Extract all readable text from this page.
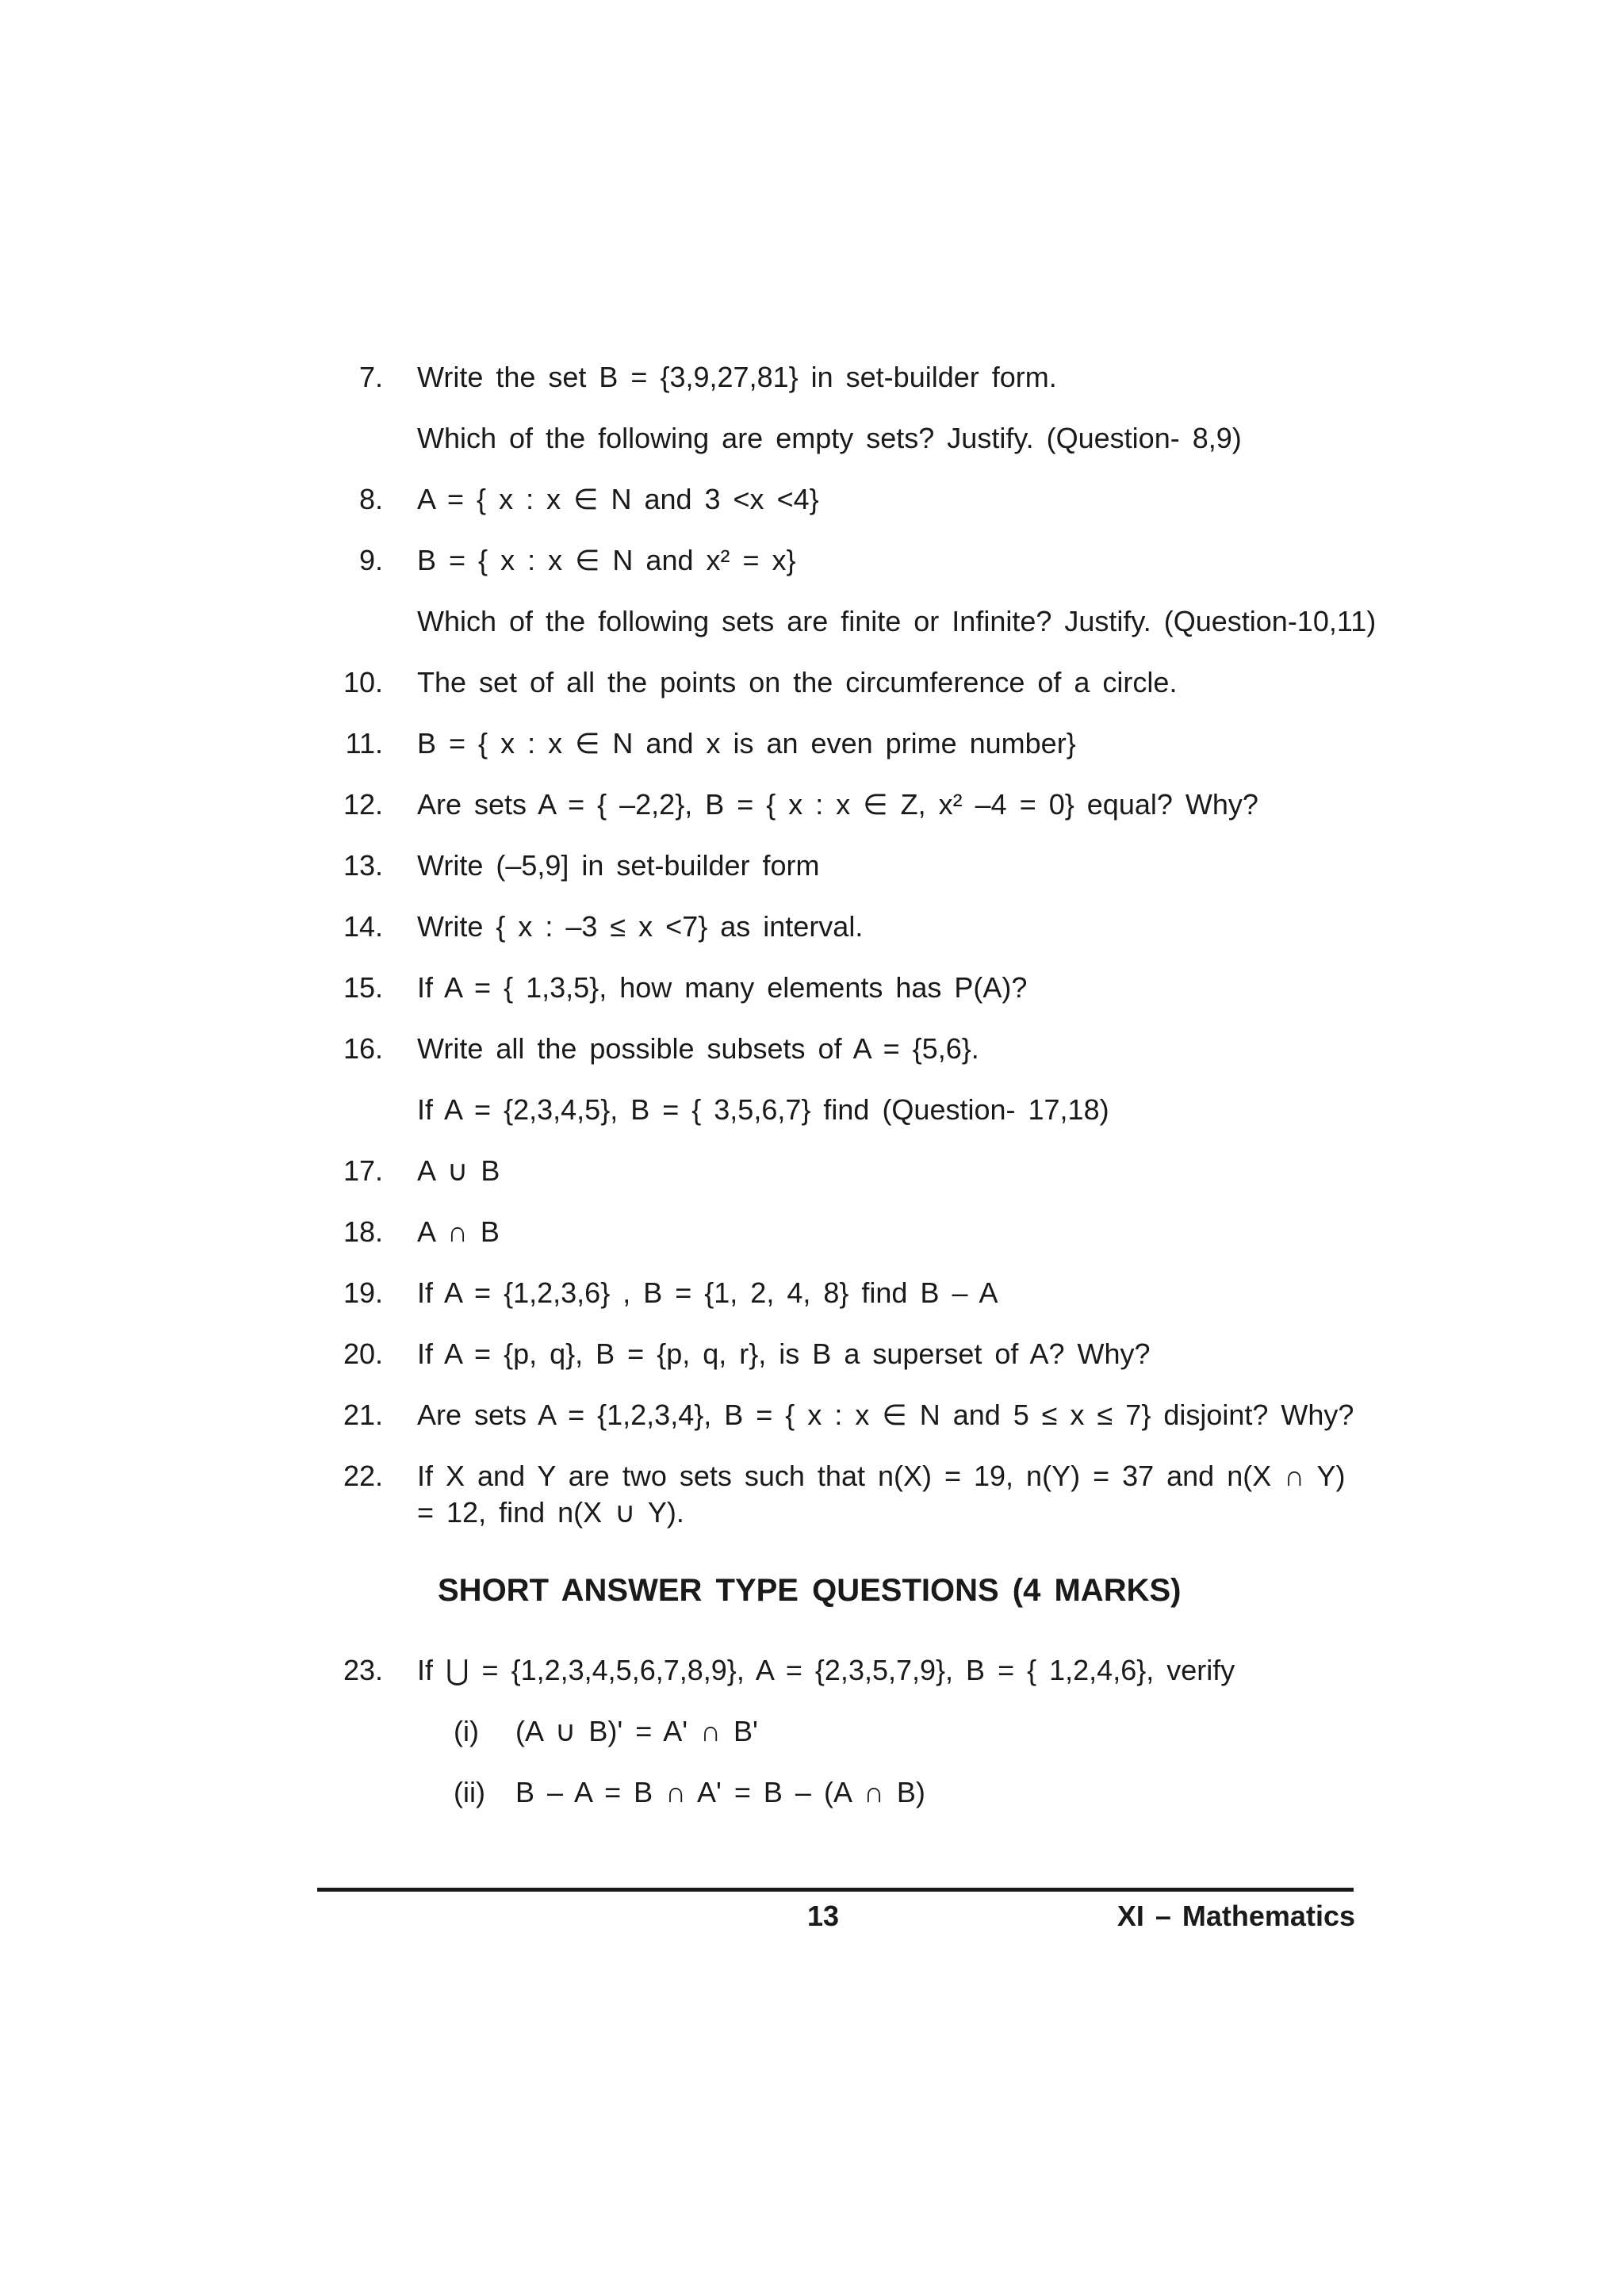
7. Write the set B = {3,9,27,81} in set-builder form.
Which of the following are empty sets? Justify. (Question- 8,9)
8. A = { x : x ∈ N and 3 <x <4}
9. B = { x : x ∈ N and x² = x}
Which of the following sets are finite or Infinite? Justify. (Question-10,11)
10. The set of all the points on the circumference of a circle.
11. B = { x : x ∈ N and x is an even prime number}
12. Are sets A = { –2,2}, B = { x : x ∈ Z, x² –4 = 0} equal? Why?
13. Write (–5,9] in set-builder form
14. Write { x : –3 ≤ x <7} as interval.
15. If A = { 1,3,5}, how many elements has P(A)?
16. Write all the possible subsets of A = {5,6}.
If A = {2,3,4,5}, B = { 3,5,6,7} find (Question- 17,18)
17. A ∪ B
18. A ∩ B
19. If A = {1,2,3,6} , B = {1, 2, 4, 8} find B – A
20. If A = {p, q}, B = {p, q, r}, is B a superset of A? Why?
21. Are sets A = {1,2,3,4}, B = { x : x ∈ N and 5 ≤ x ≤ 7} disjoint? Why?
22. If X and Y are two sets such that n(X) = 19, n(Y) = 37 and n(X ∩ Y) = 12, find n(X ∪ Y).
SHORT ANSWER TYPE QUESTIONS (4 MARKS)
23. If ⋃ = {1,2,3,4,5,6,7,8,9}, A = {2,3,5,7,9}, B = { 1,2,4,6}, verify
(i) (A ∪ B)' = A' ∩ B'
(ii) B – A = B ∩ A' = B – (A ∩ B)
13	XI – Mathematics
